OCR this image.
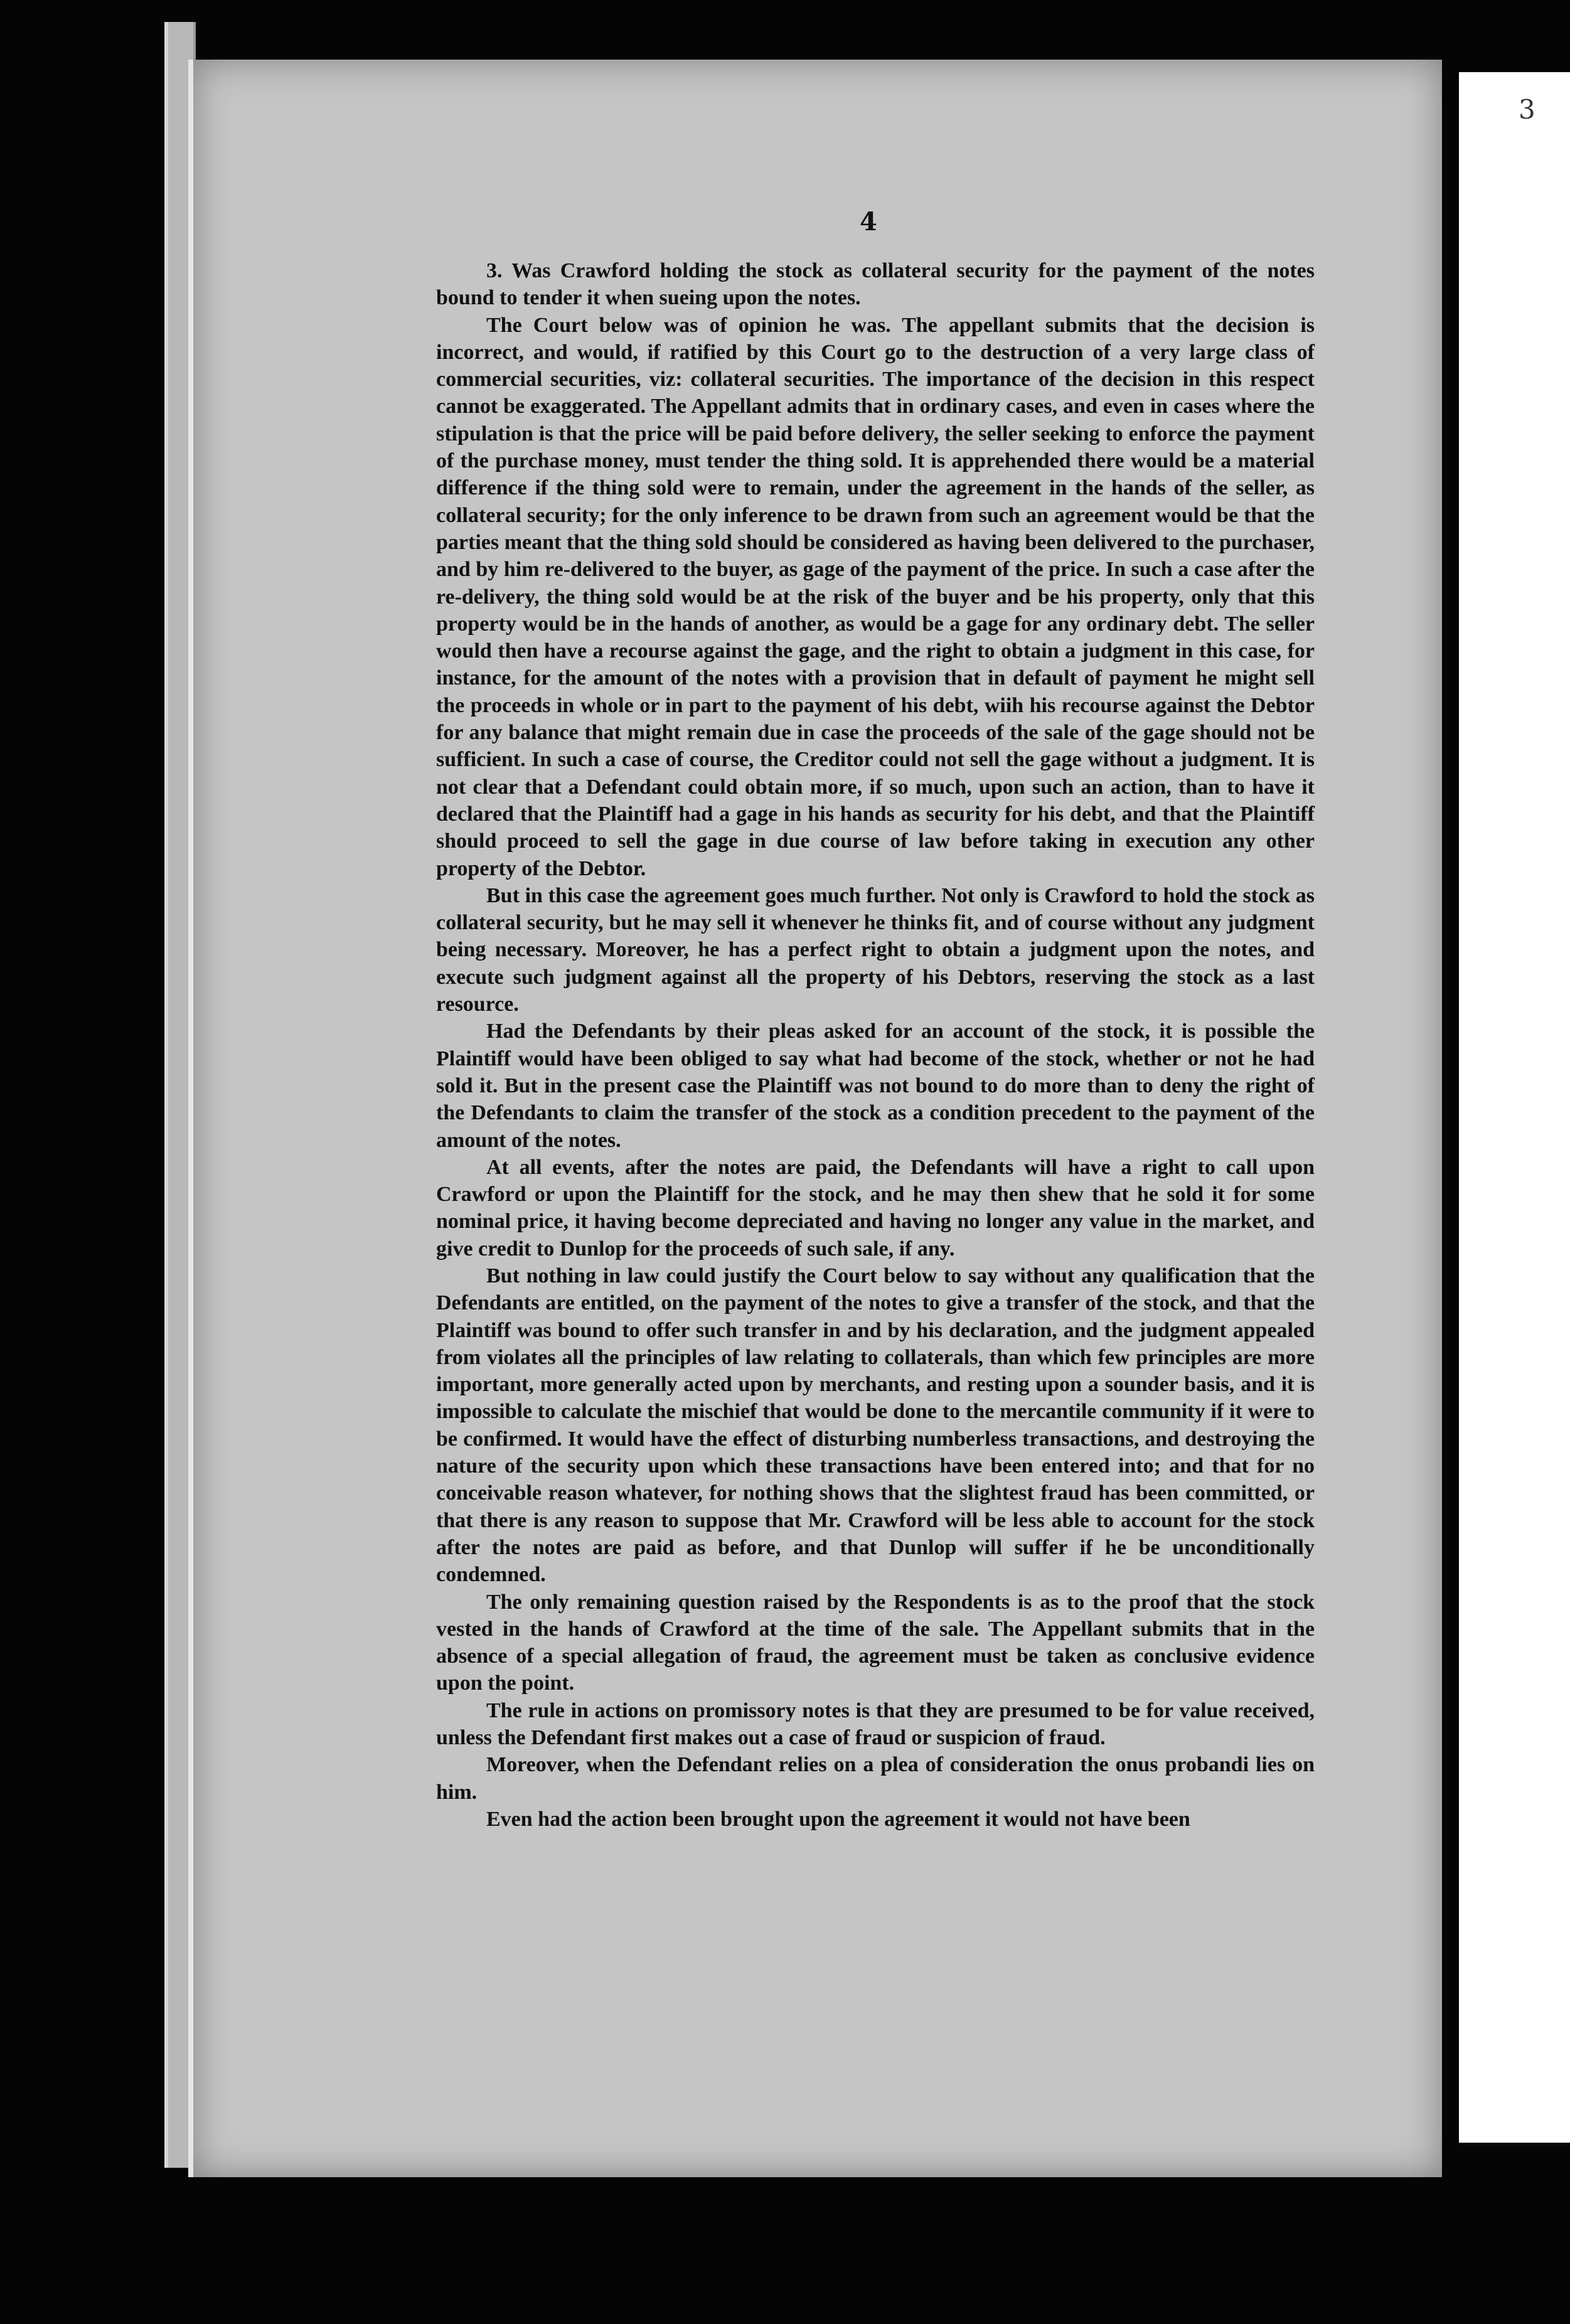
3
4

3. Was Crawford holding the stock as collateral security for the payment of the notes bound to tender it when sueing upon the notes.

The Court below was of opinion he was. The appellant submits that the decision is incorrect, and would, if ratified by this Court go to the destruction of a very large class of commercial securities, viz: collateral securities. The importance of the decision in this respect cannot be exaggerated. The Appellant admits that in ordinary cases, and even in cases where the stipulation is that the price will be paid before delivery, the seller seeking to enforce the payment of the purchase money, must tender the thing sold. It is apprehended there would be a material difference if the thing sold were to remain, under the agreement in the hands of the seller, as collateral security; for the only inference to be drawn from such an agreement would be that the parties meant that the thing sold should be considered as having been delivered to the purchaser, and by him re-delivered to the buyer, as gage of the payment of the price. In such a case after the re-delivery, the thing sold would be at the risk of the buyer and be his property, only that this property would be in the hands of another, as would be a gage for any ordinary debt. The seller would then have a recourse against the gage, and the right to obtain a judgment in this case, for instance, for the amount of the notes with a provision that in default of payment he might sell the proceeds in whole or in part to the payment of his debt, wiih his recourse against the Debtor for any balance that might remain due in case the proceeds of the sale of the gage should not be sufficient. In such a case of course, the Creditor could not sell the gage without a judgment. It is not clear that a Defendant could obtain more, if so much, upon such an action, than to have it declared that the Plaintiff had a gage in his hands as security for his debt, and that the Plaintiff should proceed to sell the gage in due course of law before taking in execution any other property of the Debtor.

But in this case the agreement goes much further. Not only is Crawford to hold the stock as collateral security, but he may sell it whenever he thinks fit, and of course without any judgment being necessary. Moreover, he has a perfect right to obtain a judgment upon the notes, and execute such judgment against all the property of his Debtors, reserving the stock as a last resource.

Had the Defendants by their pleas asked for an account of the stock, it is possible the Plaintiff would have been obliged to say what had become of the stock, whether or not he had sold it. But in the present case the Plaintiff was not bound to do more than to deny the right of the Defendants to claim the transfer of the stock as a condition precedent to the payment of the amount of the notes.

At all events, after the notes are paid, the Defendants will have a right to call upon Crawford or upon the Plaintiff for the stock, and he may then shew that he sold it for some nominal price, it having become depreciated and having no longer any value in the market, and give credit to Dunlop for the proceeds of such sale, if any.

But nothing in law could justify the Court below to say without any qualification that the Defendants are entitled, on the payment of the notes to give a transfer of the stock, and that the Plaintiff was bound to offer such transfer in and by his declaration, and the judgment appealed from violates all the principles of law relating to collaterals, than which few principles are more important, more generally acted upon by merchants, and resting upon a sounder basis, and it is impossible to calculate the mischief that would be done to the mercantile community if it were to be confirmed. It would have the effect of disturbing numberless transactions, and destroying the nature of the security upon which these transactions have been entered into; and that for no conceivable reason whatever, for nothing shows that the slightest fraud has been committed, or that there is any reason to suppose that Mr. Crawford will be less able to account for the stock after the notes are paid as before, and that Dunlop will suffer if he be unconditionally condemned.

The only remaining question raised by the Respondents is as to the proof that the stock vested in the hands of Crawford at the time of the sale. The Appellant submits that in the absence of a special allegation of fraud, the agreement must be taken as conclusive evidence upon the point.

The rule in actions on promissory notes is that they are presumed to be for value received, unless the Defendant first makes out a case of fraud or suspicion of fraud.

Moreover, when the Defendant relies on a plea of consideration the onus probandi lies on him.

Even had the action been brought upon the agreement it would not have been
